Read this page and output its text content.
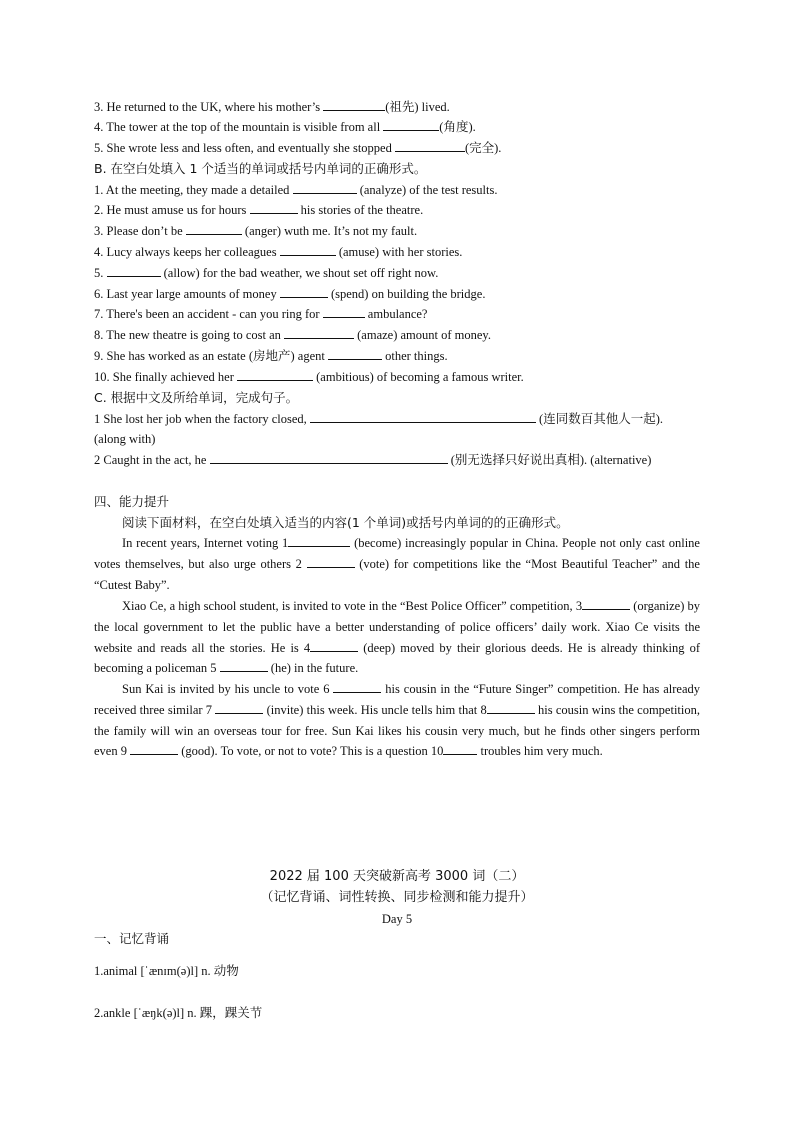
3. He returned to the UK, where his mother’s	(祖先) lived.
4. The tower at the top of the mountain is visible from all	(角度).
5. She wrote less and less often, and eventually she stopped	(完全).
B. 在空白处填入 1 个适当的单词或括号内单词的正确形式。
1. At the meeting, they made a detailed	(analyze) of the test results.
2. He must amuse us for hours	his stories of the theatre.
3. Please don’t be	(anger) wuth me. It’s not my fault.
4. Lucy always keeps her colleagues	(amuse) with her stories.
5.	(allow) for the bad weather, we shout set off right now.
6. Last year large amounts of money	(spend) on building the bridge.
7. There's been an accident - can you ring for	ambulance?
8. The new theatre is going to cost an	(amaze) amount of money.
9. She has worked as an estate (房地产) agent	other things.
10. She finally achieved her	(ambitious) of becoming a famous writer.
C. 根据中文及所给单词，完成句子。
1 She lost her job when the factory closed,	(连同数百其他人一起).
(along with)
2 Caught in the act, he	(别无选择只好说出真相). (alternative)
四、能力提升
阅读下面材料，在空白处填入适当的内容(1 个单词)或括号内单词的的正确形式。
In recent years, Internet voting 1	(become) increasingly popular in China. People not only cast online votes themselves, but also urge others 2	(vote) for competitions like the “Most Beautiful Teacher” and the “Cutest Baby”.
Xiao Ce, a high school student, is invited to vote in the “Best Police Officer” competition, 3	(organize) by the local government to let the public have a better understanding of police officers’ daily work. Xiao Ce visits the website and reads all the stories. He is 4	(deep) moved by their glorious deeds. He is already thinking of becoming a policeman 5	(he) in the future.
Sun Kai is invited by his uncle to vote 6	his cousin in the “Future Singer” competition. He has already received three similar 7	(invite) this week. His uncle tells him that 8	his cousin wins the competition, the family will win an overseas tour for free. Sun Kai likes his cousin very much, but he finds other singers perform even 9	(good). To vote, or not to vote? This is a question 10	troubles him very much.
2022 届 100 天突破新高考 3000 词（二）
（记忆背诵、词性转换、同步检测和能力提升）
Day 5
一、记忆背诵
1.animal [ˈænɪm(ə)l] n. 动物
2.ankle [ˈæŋk(ə)l] n. 踝，踝关节
